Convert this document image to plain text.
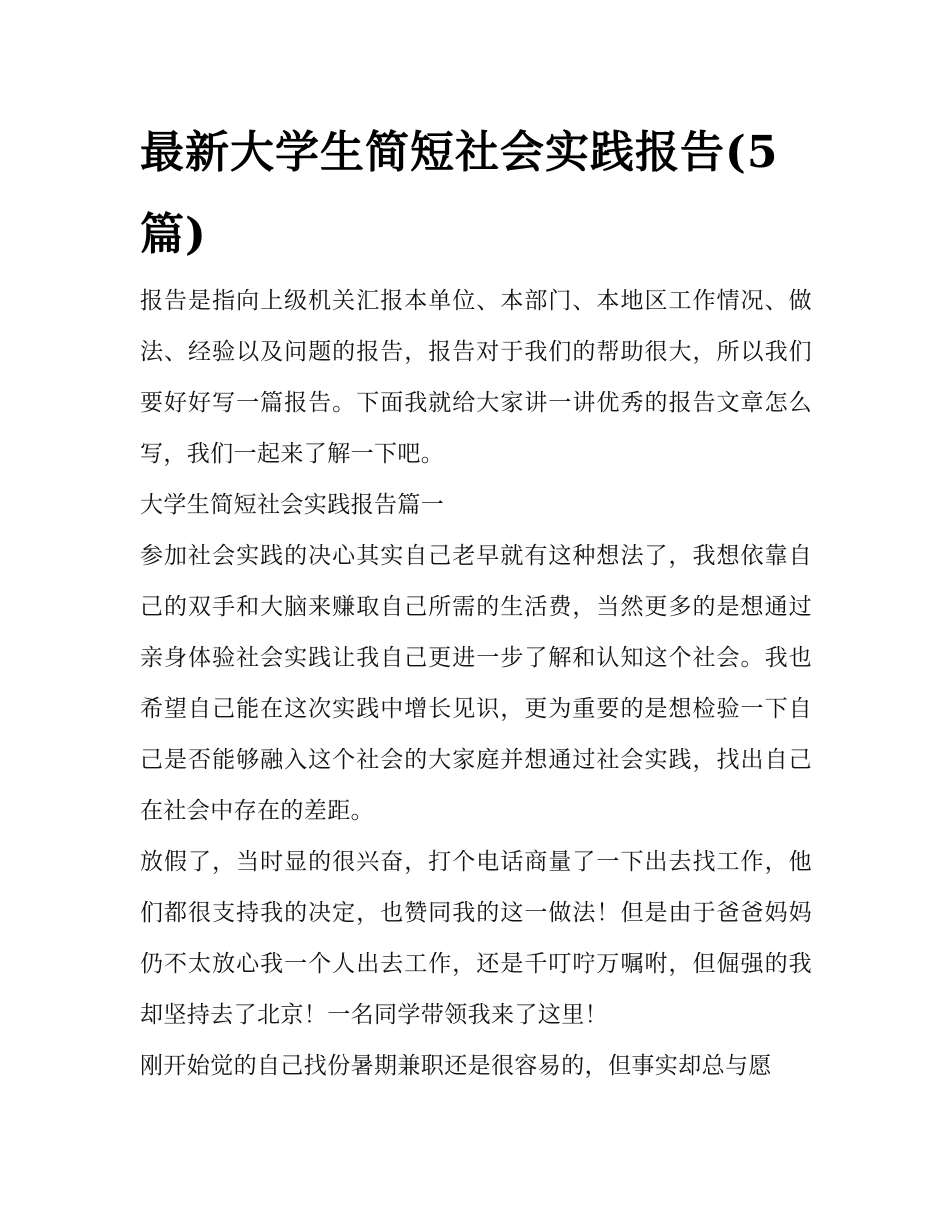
最新大学生简短社会实践报告(5篇)

报告是指向上级机关汇报本单位、本部门、本地区工作情况、做法、经验以及问题的报告，报告对于我们的帮助很大，所以我们要好好写一篇报告。下面我就给大家讲一讲优秀的报告文章怎么写，我们一起来了解一下吧。

大学生简短社会实践报告篇一

参加社会实践的决心其实自己老早就有这种想法了，我想依靠自己的双手和大脑来赚取自己所需的生活费，当然更多的是想通过亲身体验社会实践让我自己更进一步了解和认知这个社会。我也希望自己能在这次实践中增长见识，更为重要的是想检验一下自己是否能够融入这个社会的大家庭并想通过社会实践，找出自己在社会中存在的差距。

放假了，当时显的很兴奋，打个电话商量了一下出去找工作，他们都很支持我的决定，也赞同我的这一做法！但是由于爸爸妈妈仍不太放心我一个人出去工作，还是千叮咛万嘱咐，但倔强的我却坚持去了北京！一名同学带领我来了这里！

刚开始觉的自己找份暑期兼职还是很容易的，但事实却总与愿
